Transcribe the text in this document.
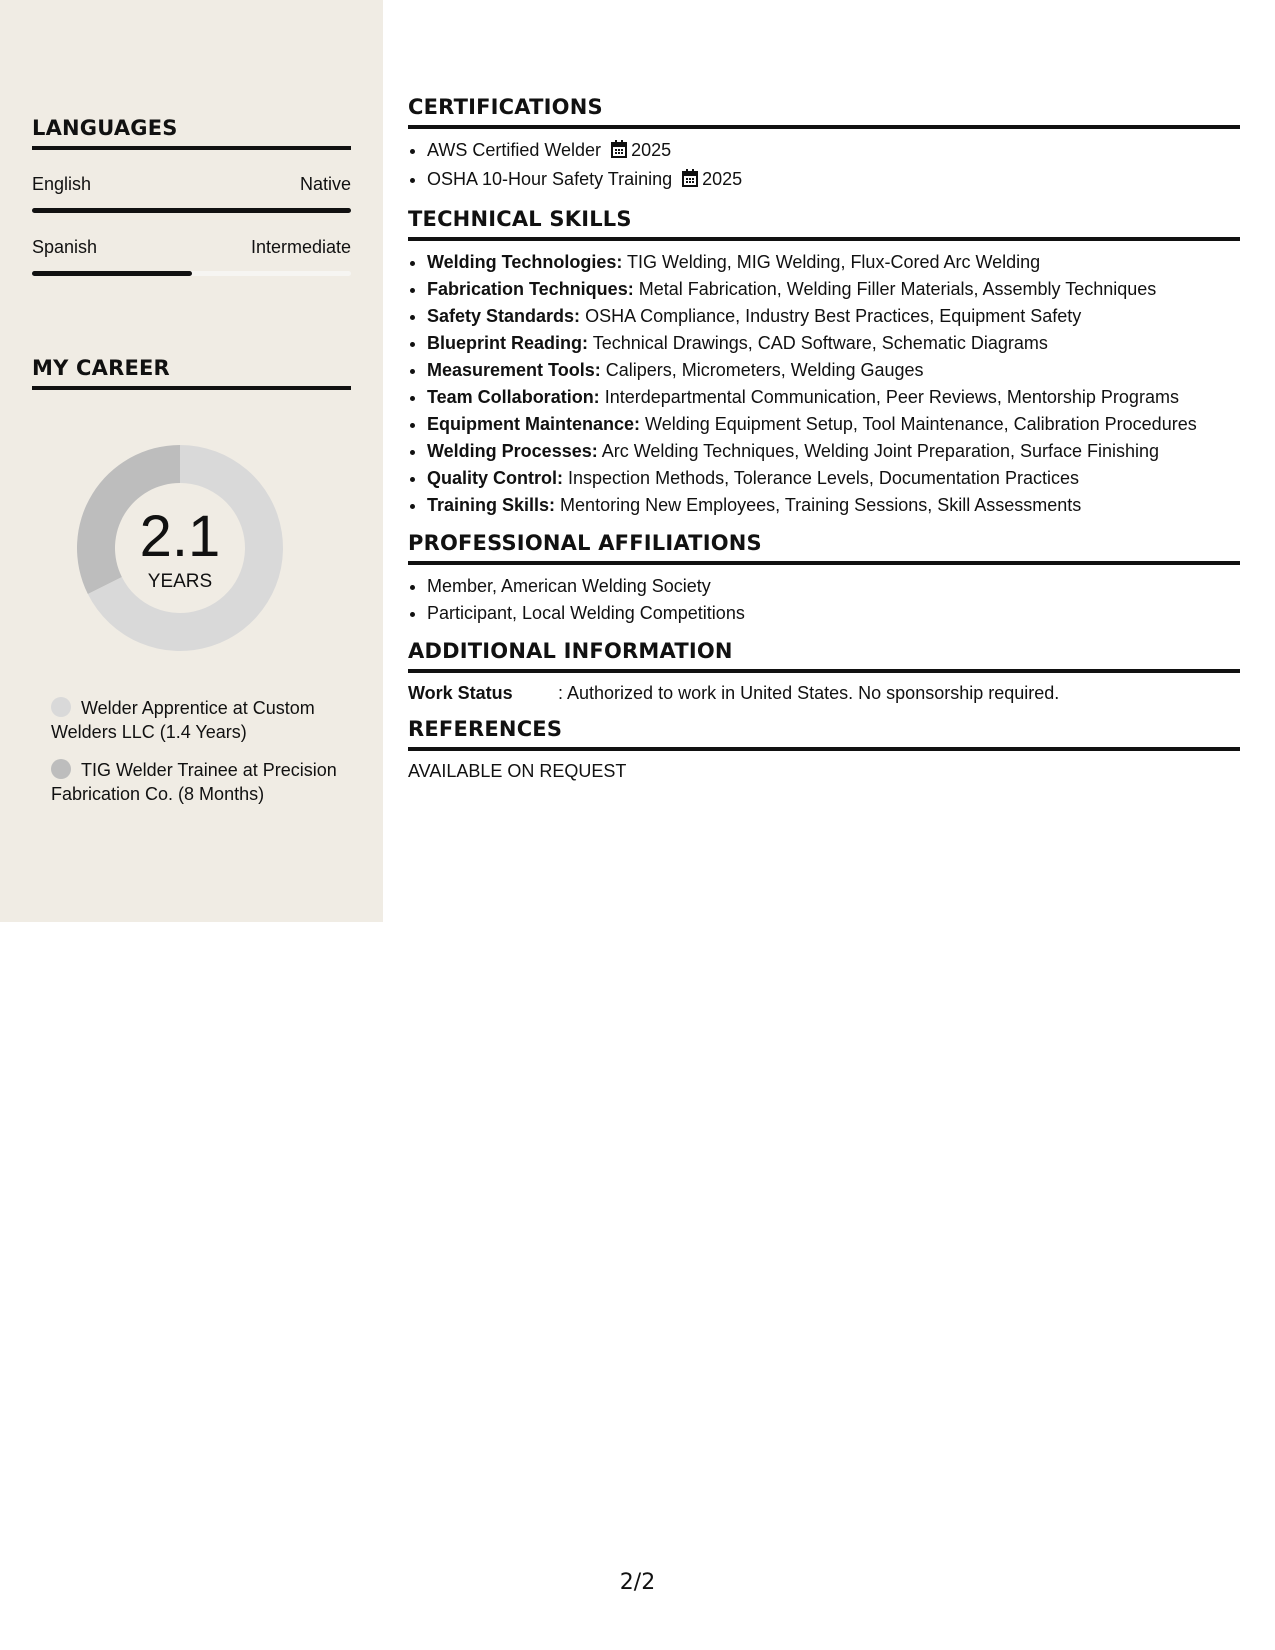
LANGUAGES
English	Native
Spanish	Intermediate
MY CAREER
2.1
YEARS
Welder Apprentice at Custom Welders LLC (1.4 Years)
TIG Welder Trainee at Precision Fabrication Co. (8 Months)
CERTIFICATIONS
• AWS Certified Welder 2025
• OSHA 10-Hour Safety Training 2025
TECHNICAL SKILLS
• Welding Technologies: TIG Welding, MIG Welding, Flux-Cored Arc Welding
• Fabrication Techniques: Metal Fabrication, Welding Filler Materials, Assembly Techniques
• Safety Standards: OSHA Compliance, Industry Best Practices, Equipment Safety
• Blueprint Reading: Technical Drawings, CAD Software, Schematic Diagrams
• Measurement Tools: Calipers, Micrometers, Welding Gauges
• Team Collaboration: Interdepartmental Communication, Peer Reviews, Mentorship Programs
• Equipment Maintenance: Welding Equipment Setup, Tool Maintenance, Calibration Procedures
• Welding Processes: Arc Welding Techniques, Welding Joint Preparation, Surface Finishing
• Quality Control: Inspection Methods, Tolerance Levels, Documentation Practices
• Training Skills: Mentoring New Employees, Training Sessions, Skill Assessments
PROFESSIONAL AFFILIATIONS
• Member, American Welding Society
• Participant, Local Welding Competitions
ADDITIONAL INFORMATION
Work Status	: Authorized to work in United States. No sponsorship required.
REFERENCES
AVAILABLE ON REQUEST
2/2
